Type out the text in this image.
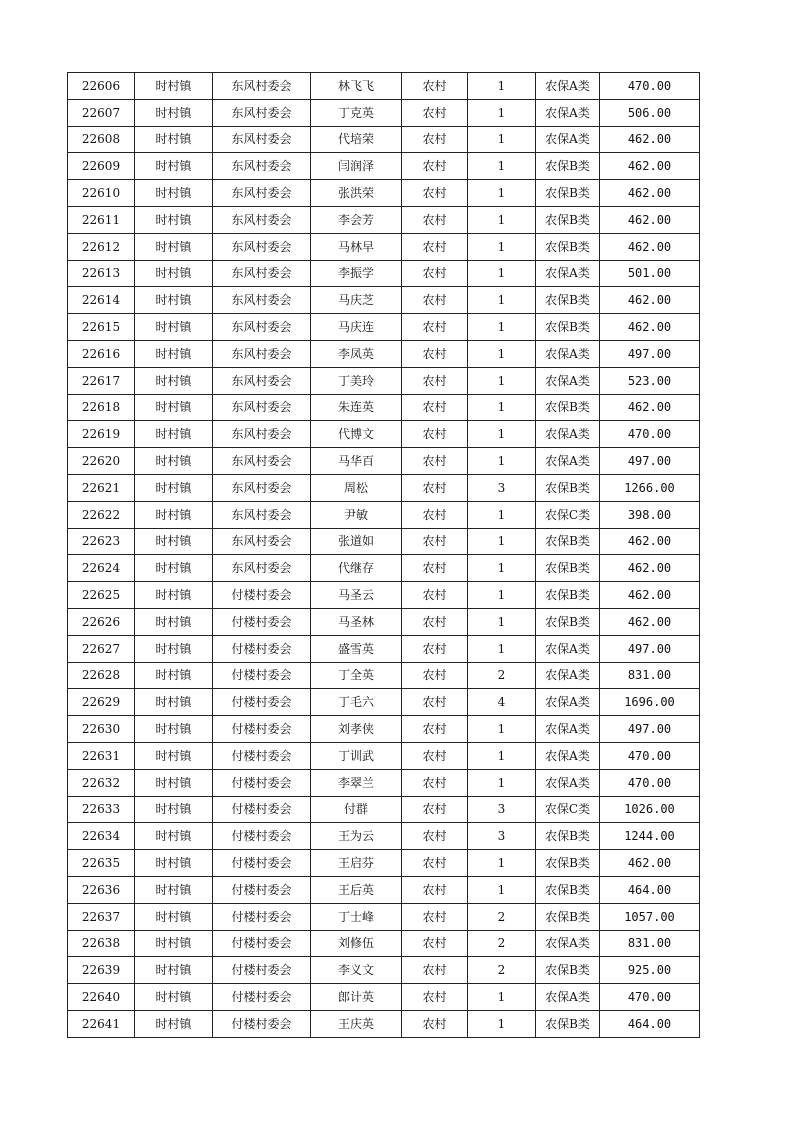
22606	时村镇	东风村委会	林飞飞	农村	1	农保A类	470.00
22607	时村镇	东风村委会	丁克英	农村	1	农保A类	506.00
22608	时村镇	东风村委会	代培荣	农村	1	农保A类	462.00
22609	时村镇	东风村委会	闫润泽	农村	1	农保B类	462.00
22610	时村镇	东风村委会	张洪荣	农村	1	农保B类	462.00
22611	时村镇	东风村委会	李会芳	农村	1	农保B类	462.00
22612	时村镇	东风村委会	马林早	农村	1	农保B类	462.00
22613	时村镇	东风村委会	李振学	农村	1	农保A类	501.00
22614	时村镇	东风村委会	马庆芝	农村	1	农保B类	462.00
22615	时村镇	东风村委会	马庆连	农村	1	农保B类	462.00
22616	时村镇	东风村委会	李凤英	农村	1	农保A类	497.00
22617	时村镇	东风村委会	丁美玲	农村	1	农保A类	523.00
22618	时村镇	东风村委会	朱连英	农村	1	农保B类	462.00
22619	时村镇	东风村委会	代博文	农村	1	农保A类	470.00
22620	时村镇	东风村委会	马华百	农村	1	农保A类	497.00
22621	时村镇	东风村委会	周松	农村	3	农保B类	1266.00
22622	时村镇	东风村委会	尹敏	农村	1	农保C类	398.00
22623	时村镇	东风村委会	张道如	农村	1	农保B类	462.00
22624	时村镇	东风村委会	代继存	农村	1	农保B类	462.00
22625	时村镇	付楼村委会	马圣云	农村	1	农保B类	462.00
22626	时村镇	付楼村委会	马圣林	农村	1	农保B类	462.00
22627	时村镇	付楼村委会	盛雪英	农村	1	农保A类	497.00
22628	时村镇	付楼村委会	丁全英	农村	2	农保A类	831.00
22629	时村镇	付楼村委会	丁毛六	农村	4	农保A类	1696.00
22630	时村镇	付楼村委会	刘孝侠	农村	1	农保A类	497.00
22631	时村镇	付楼村委会	丁训武	农村	1	农保A类	470.00
22632	时村镇	付楼村委会	李翠兰	农村	1	农保A类	470.00
22633	时村镇	付楼村委会	付群	农村	3	农保C类	1026.00
22634	时村镇	付楼村委会	王为云	农村	3	农保B类	1244.00
22635	时村镇	付楼村委会	王启芬	农村	1	农保B类	462.00
22636	时村镇	付楼村委会	王后英	农村	1	农保B类	464.00
22637	时村镇	付楼村委会	丁士峰	农村	2	农保B类	1057.00
22638	时村镇	付楼村委会	刘修伍	农村	2	农保A类	831.00
22639	时村镇	付楼村委会	李义文	农村	2	农保B类	925.00
22640	时村镇	付楼村委会	郎计英	农村	1	农保A类	470.00
22641	时村镇	付楼村委会	王庆英	农村	1	农保B类	464.00
